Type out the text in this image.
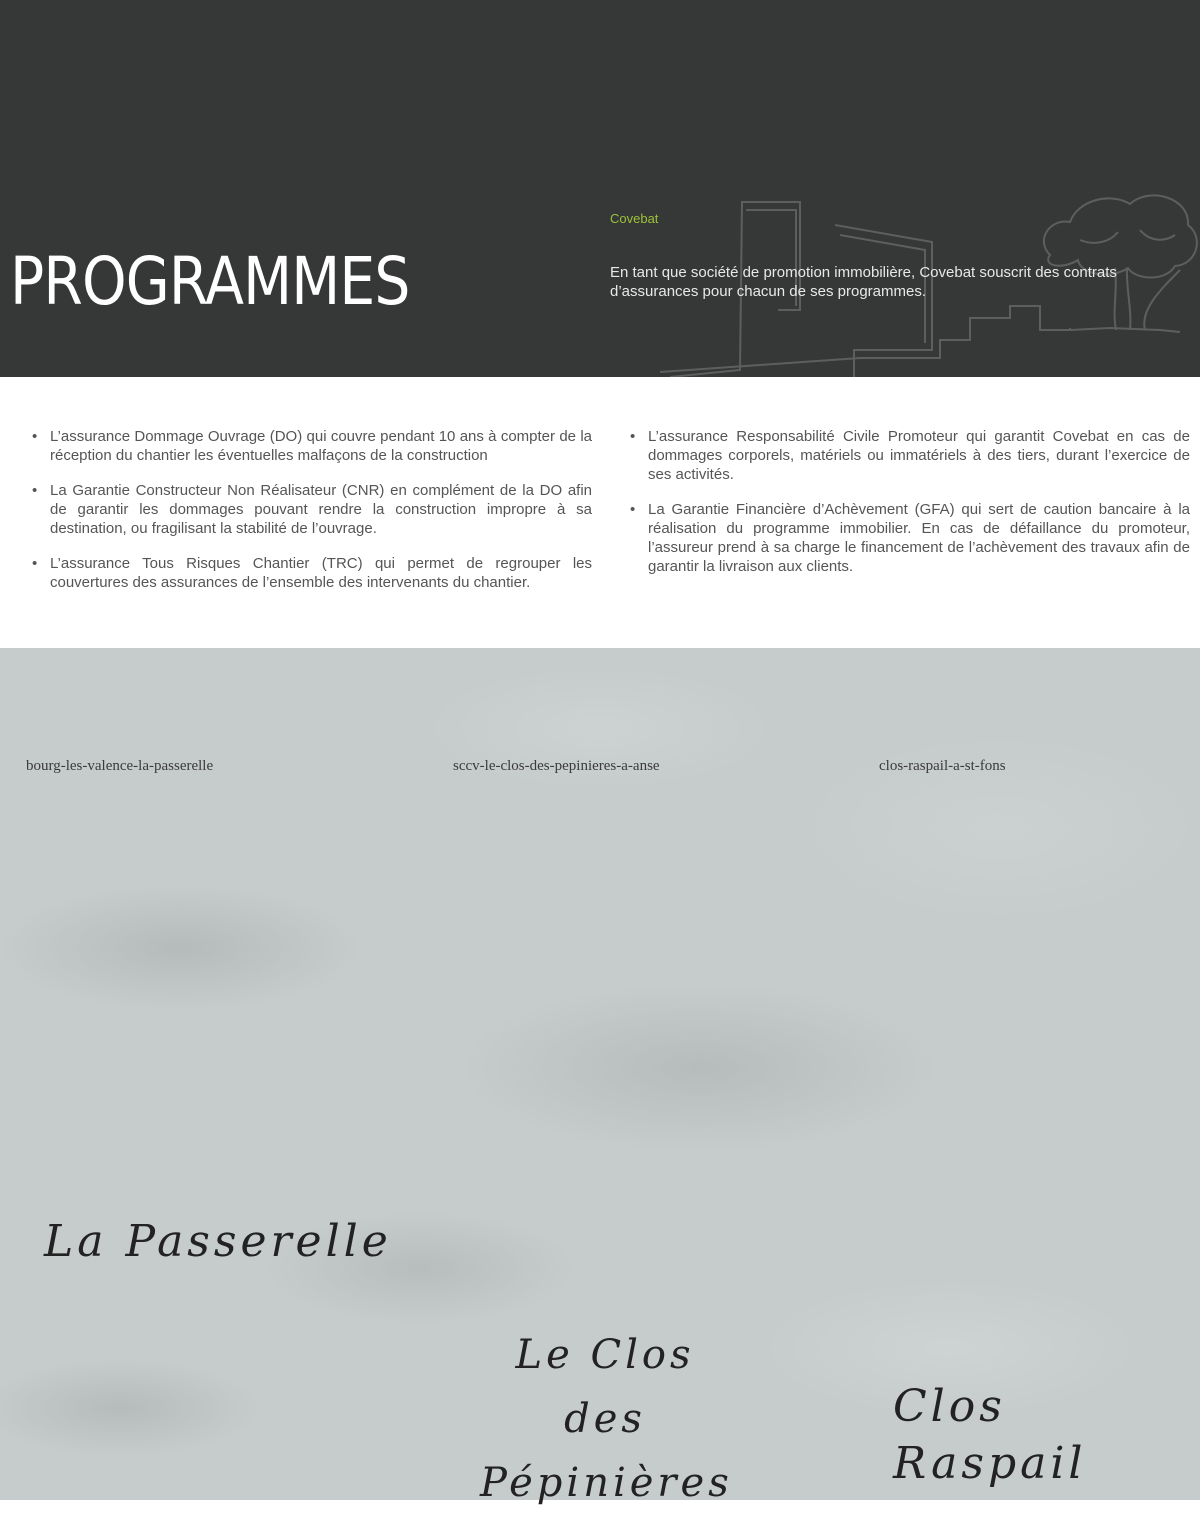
PROGRAMMES
Covebat

En tant que société de promotion immobilière, Covebat souscrit des contrats d’assurances pour chacun de ses programmes.

• L’assurance Dommage Ouvrage (DO) qui couvre pendant 10 ans à compter de la réception du chantier les éventuelles malfaçons de la construction
• La Garantie Constructeur Non Réalisateur (CNR) en complément de la DO afin de garantir les dommages pouvant rendre la construction impropre à sa destination, ou fragilisant la stabilité de l’ouvrage.
• L’assurance Tous Risques Chantier (TRC) qui permet de regrouper les couvertures des assurances de l’ensemble des intervenants du chantier.
• L’assurance Responsabilité Civile Promoteur qui garantit Covebat en cas de dommages corporels, matériels ou immatériels à des tiers, durant l’exercice de ses activités.
• La Garantie Financière d’Achèvement (GFA) qui sert de caution bancaire à la réalisation du programme immobilier. En cas de défaillance du promoteur, l’assureur prend à sa charge le financement de l’achèvement des travaux afin de garantir la livraison aux clients.
bourg-les-valence-la-passerelle	sccv-le-clos-des-pepinieres-a-anse	clos-raspail-a-st-fons
La Passerelle
Le Clos des
Pépinières
Clos Raspail
